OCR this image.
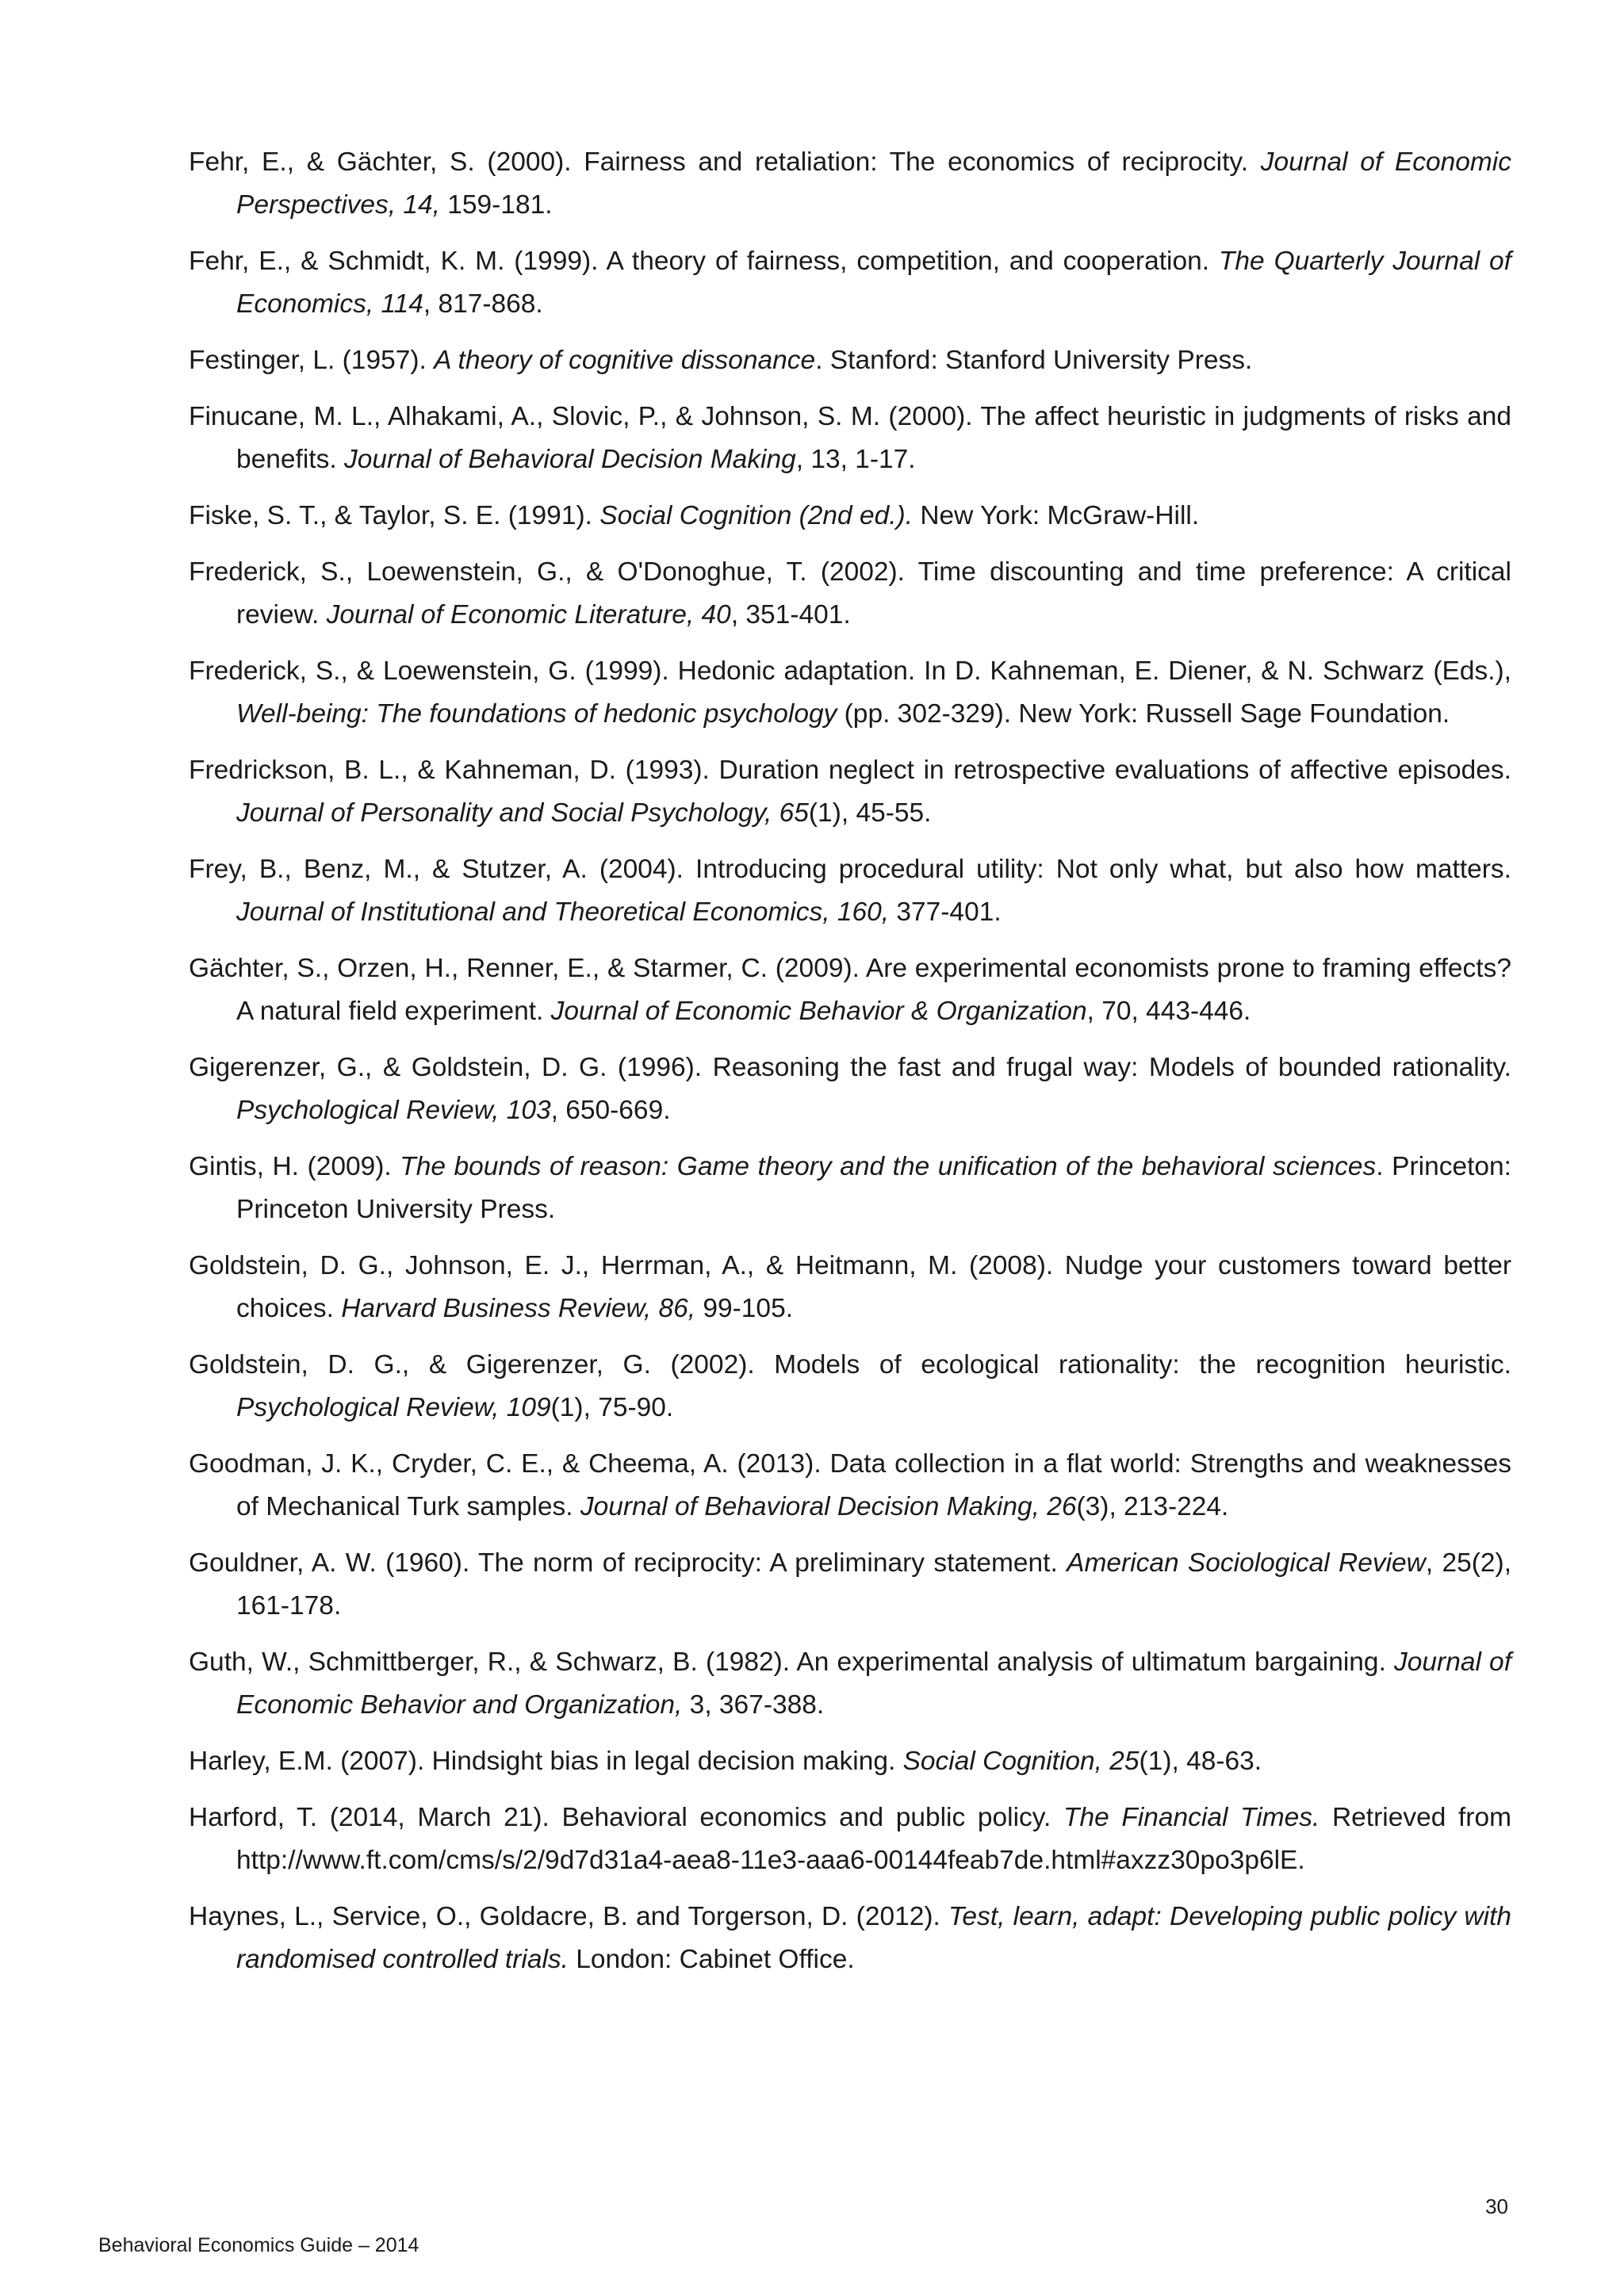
Fehr, E., & Gächter, S. (2000). Fairness and retaliation: The economics of reciprocity. Journal of Economic Perspectives, 14, 159-181.

Fehr, E., & Schmidt, K. M. (1999). A theory of fairness, competition, and cooperation. The Quarterly Journal of Economics, 114, 817-868.

Festinger, L. (1957). A theory of cognitive dissonance. Stanford: Stanford University Press.

Finucane, M. L., Alhakami, A., Slovic, P., & Johnson, S. M. (2000). The affect heuristic in judgments of risks and benefits. Journal of Behavioral Decision Making, 13, 1-17.

Fiske, S. T., & Taylor, S. E. (1991). Social Cognition (2nd ed.). New York: McGraw-Hill.

Frederick, S., Loewenstein, G., & O'Donoghue, T. (2002). Time discounting and time preference: A critical review. Journal of Economic Literature, 40, 351-401.

Frederick, S., & Loewenstein, G. (1999). Hedonic adaptation. In D. Kahneman, E. Diener, & N. Schwarz (Eds.), Well-being: The foundations of hedonic psychology (pp. 302-329). New York: Russell Sage Foundation.

Fredrickson, B. L., & Kahneman, D. (1993). Duration neglect in retrospective evaluations of affective episodes. Journal of Personality and Social Psychology, 65(1), 45-55.

Frey, B., Benz, M., & Stutzer, A. (2004). Introducing procedural utility: Not only what, but also how matters. Journal of Institutional and Theoretical Economics, 160, 377-401.

Gächter, S., Orzen, H., Renner, E., & Starmer, C. (2009). Are experimental economists prone to framing effects? A natural field experiment. Journal of Economic Behavior & Organization, 70, 443-446.

Gigerenzer, G., & Goldstein, D. G. (1996). Reasoning the fast and frugal way: Models of bounded rationality. Psychological Review, 103, 650-669.

Gintis, H. (2009). The bounds of reason: Game theory and the unification of the behavioral sciences. Princeton: Princeton University Press.

Goldstein, D. G., Johnson, E. J., Herrman, A., & Heitmann, M. (2008). Nudge your customers toward better choices. Harvard Business Review, 86, 99-105.

Goldstein, D. G., & Gigerenzer, G. (2002). Models of ecological rationality: the recognition heuristic. Psychological Review, 109(1), 75-90.

Goodman, J. K., Cryder, C. E., & Cheema, A. (2013). Data collection in a flat world: Strengths and weaknesses of Mechanical Turk samples. Journal of Behavioral Decision Making, 26(3), 213-224.

Gouldner, A. W. (1960). The norm of reciprocity: A preliminary statement. American Sociological Review, 25(2), 161-178.

Guth, W., Schmittberger, R., & Schwarz, B. (1982). An experimental analysis of ultimatum bargaining. Journal of Economic Behavior and Organization, 3, 367-388.

Harley, E.M. (2007). Hindsight bias in legal decision making. Social Cognition, 25(1), 48-63.

Harford, T. (2014, March 21). Behavioral economics and public policy. The Financial Times. Retrieved from http://www.ft.com/cms/s/2/9d7d31a4-aea8-11e3-aaa6-00144feab7de.html#axzz30po3p6lE.

Haynes, L., Service, O., Goldacre, B. and Torgerson, D. (2012). Test, learn, adapt: Developing public policy with randomised controlled trials. London: Cabinet Office.

30
Behavioral Economics Guide – 2014
